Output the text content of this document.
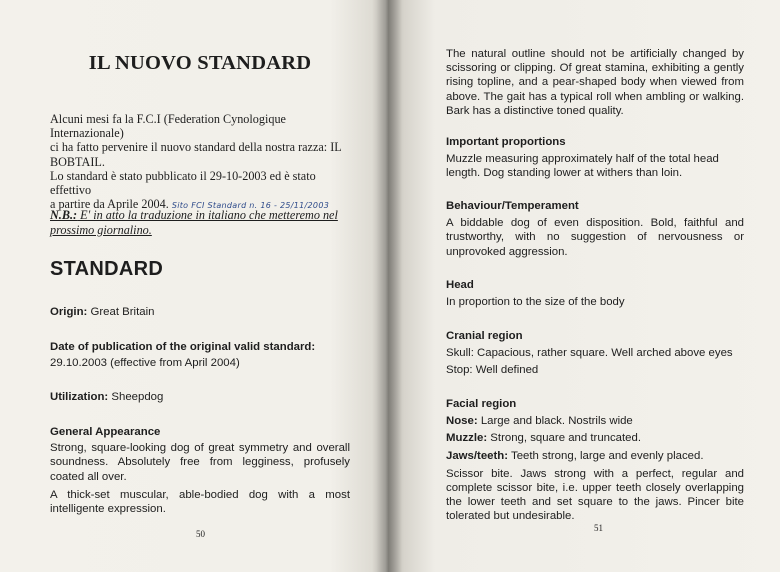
IL NUOVO STANDARD
Alcuni mesi fa la F.C.I (Federation Cynologique Internazionale)
ci ha fatto pervenire il nuovo standard della nostra razza: IL
BOBTAIL.
Lo standard è stato pubblicato il 29-10-2003 ed è stato effettivo
a partire da Aprile 2004. Sito FCI Standard n. 16 - 25/11/2003
N.B.: E' in atto la traduzione in italiano che metteremo nel prossimo giornalino.
STANDARD
Origin: Great Britain
Date of publication of the original valid standard:
29.10.2003 (effective from April 2004)
Utilization: Sheepdog
General Appearance
Strong, square-looking dog of great symmetry and overall soundness. Absolutely free from legginess, profusely coated all over.
A thick-set muscular, able-bodied dog with a most intelligente expression.
50
The natural outline should not be artificially changed by scissoring or clipping. Of great stamina, exhibiting a gently rising topline, and a pear-shaped body when viewed from above. The gait has a typical roll when ambling or walking. Bark has a distinctive toned quality.
Important proportions
Muzzle measuring approximately half of the total head length. Dog standing lower at withers than loin.
Behaviour/Temperament
A biddable dog of even disposition. Bold, faithful and trustworthy, with no suggestion of nervousness or unprovoked aggression.
Head
In proportion to the size of the body
Cranial region
Skull: Capacious, rather square. Well arched above eyes
Stop: Well defined
Facial region
Nose: Large and black. Nostrils wide
Muzzle: Strong, square and truncated.
Jaws/teeth: Teeth strong, large and evenly placed.
Scissor bite. Jaws strong with a perfect, regular and complete scissor bite, i.e. upper teeth closely overlapping the lower teeth and set square to the jaws. Pincer bite tolerated but undesirable.
51
